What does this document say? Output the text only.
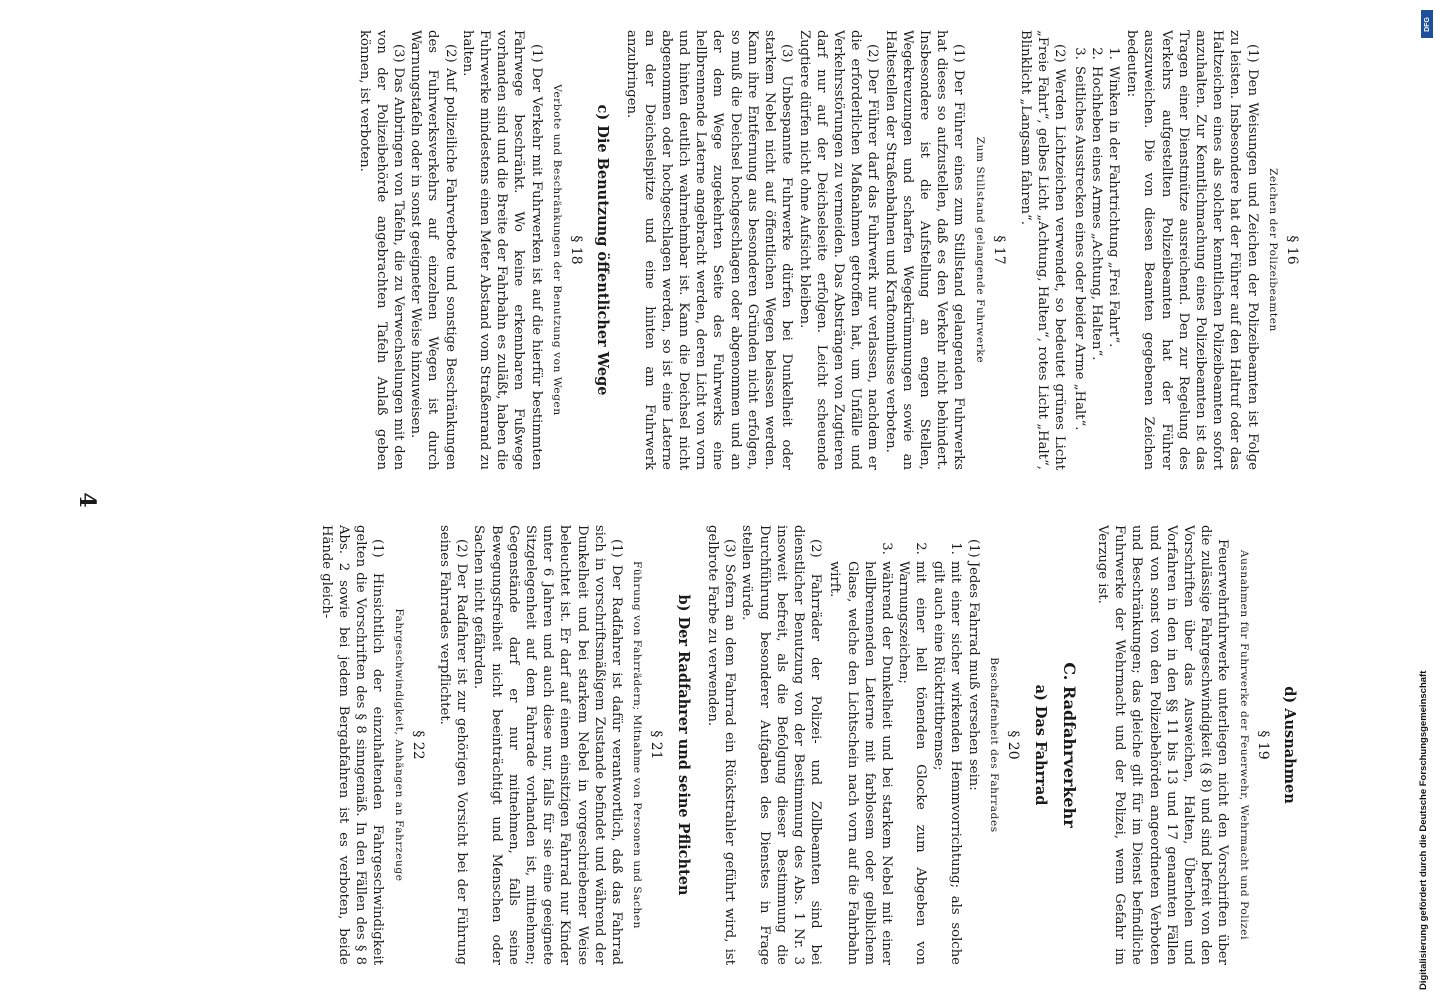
§ 16
Zeichen der Polizeibeamten

(1) Den Weisungen und Zeichen der Polizeibeamten ist Folge zu leisten. Insbesondere hat der Führer auf den Haltruf oder das Haltzeichen eines als solcher kenntlichen Polizeibeamten sofort anzuhalten. Zur Kenntlichmachung eines Polizeibeamten ist das Tragen einer Dienstmütze ausreichend. Den zur Regelung des Verkehrs aufgestellten Polizeibeamten hat der Führer auszuweichen. Die von diesen Beamten gegebenen Zeichen bedeuten:

1. Winken in der Fahrtrichtung „Frei Fahrt“.
2. Hochheben eines Armes „Achtung, Halten“.
3. Seitliches Ausstrecken eines oder beider Arme „Halt“.

(2) Werden Lichtzeichen verwendet, so bedeutet grünes Licht „Freie Fahrt“, gelbes Licht „Achtung, Halten“, rotes Licht „Halt“, Blinklicht „Langsam fahren“.

§ 17
Zum Stillstand gelangende Fuhrwerke

(1) Der Führer eines zum Stillstand gelangenden Fuhrwerks hat dieses so aufzustellen, daß es den Verkehr nicht behindert. Insbesondere ist die Aufstellung an engen Stellen, Wegekreuzungen und scharfen Wegekrümmungen sowie an Haltestellen der Straßenbahnen und Kraftomnibusse verboten.

(2) Der Führer darf das Fuhrwerk nur verlassen, nachdem er die erforderlichen Maßnahmen getroffen hat, um Unfälle und Verkehrsstörungen zu vermeiden. Das Absträngen von Zugtieren darf nur auf der Deichselseite erfolgen. Leicht scheuende Zugtiere dürfen nicht ohne Aufsicht bleiben.

(3) Unbespannte Fuhrwerke dürfen bei Dunkelheit oder starkem Nebel nicht auf öffentlichen Wegen belassen werden. Kann ihre Entfernung aus besonderen Gründen nicht erfolgen, so muß die Deichsel hochgeschlagen oder abgenommen und an der dem Wege zugekehrten Seite des Fuhrwerks eine hellbrennende Laterne angebracht werden, deren Licht von vorn und hinten deutlich wahrnehmbar ist. Kann die Deichsel nicht abgenommen oder hochgeschlagen werden, so ist eine Laterne an der Deichselspitze und eine hinten am Fuhrwerk anzubringen.

c) Die Benutzung öffentlicher Wege
§ 18
Verbote und Beschränkungen der Benutzung von Wegen

(1) Der Verkehr mit Fuhrwerken ist auf die hierfür bestimmten Fahrwege beschränkt. Wo keine erkennbaren Fußwege vorhanden sind und die Breite der Fahrbahn es zuläßt, haben die Fuhrwerke mindestens einen Meter Abstand vom Straßenrand zu halten.

(2) Auf polizeiliche Fahrverbote und sonstige Beschränkungen des Fuhrwerksverkehrs auf einzelnen Wegen ist durch Warnungstafeln oder in sonst geeigneter Weise hinzuweisen.

(3) Das Anbringen von Tafeln, die zu Verwechselungen mit den von der Polizeibehörde angebrachten Tafeln Anlaß geben können, ist verboten.

d) Ausnahmen
§ 19
Ausnahmen für Fuhrwerke der Feuerwehr, Wehrmacht und Polizei

Feuerwehrfuhrwerke unterliegen nicht den Vorschriften über die zulässige Fahrgeschwindigkeit (§ 8) und sind befreit von den Vorschriften über das Ausweichen, Halten, Überholen und Vorfahren in den in den §§ 11 bis 13 und 17 genannten Fällen und von sonst von den Polizeibehörden angeordneten Verboten und Beschränkungen; das gleiche gilt für im Dienst befindliche Fuhrwerke der Wehrmacht und der Polizei, wenn Gefahr im Verzuge ist.

C. Radfahrverkehr
a) Das Fahrrad
§ 20
Beschaffenheit des Fahrrades

(1) Jedes Fahrrad muß versehen sein:

1. mit einer sicher wirkenden Hemmvorrichtung; als solche gilt auch eine Rücktrittbremse;
2. mit einer hell tönenden Glocke zum Abgeben von Warnungszeichen;
3. während der Dunkelheit und bei starkem Nebel mit einer hellbrennenden Laterne mit farblosem oder gelblichem Glase, welche den Lichtschein nach vorn auf die Fahrbahn wirft.

(2) Fahrräder der Polizei- und Zollbeamten sind bei dienstlicher Benutzung von der Bestimmung des Abs. 1 Nr. 3 insoweit befreit, als die Befolgung dieser Bestimmung die Durchführung besonderer Aufgaben des Dienstes in Frage stellen würde.

(3) Sofern an dem Fahrrad ein Rückstrahler geführt wird, ist gelbrote Farbe zu verwenden.

b) Der Radfahrer und seine Pflichten
§ 21
Führung von Fahrrädern; Mitnahme von Personen und Sachen

(1) Der Radfahrer ist dafür verantwortlich, daß das Fahrrad sich in vorschriftsmäßigem Zustande befindet und während der Dunkelheit und bei starkem Nebel in vorgeschriebener Weise beleuchtet ist. Er darf auf einem einsitzigen Fahrrad nur Kinder unter 6 Jahren und auch diese nur, falls für sie eine geeignete Sitzgelegenheit auf dem Fahrrade vorhanden ist, mitnehmen; Gegenstände darf er nur mitnehmen, falls seine Bewegungsfreiheit nicht beeinträchtigt und Menschen oder Sachen nicht gefährden.

(2) Der Radfahrer ist zur gehörigen Vorsicht bei der Führung seines Fahrrades verpflichtet.

§ 22
Fahrgeschwindigkeit, Anhängen an Fahrzeuge

(1) Hinsichtlich der einzuhaltenden Fahrgeschwindigkeit gelten die Vorschriften des § 8 sinngemäß. In den Fällen des § 8 Abs. 2 sowie bei jedem Bergabfahren ist es verboten, beide Hände gleich-

4
Digitalisierung gefördert durch die Deutsche Forschungsgemeinschaft
DFG
